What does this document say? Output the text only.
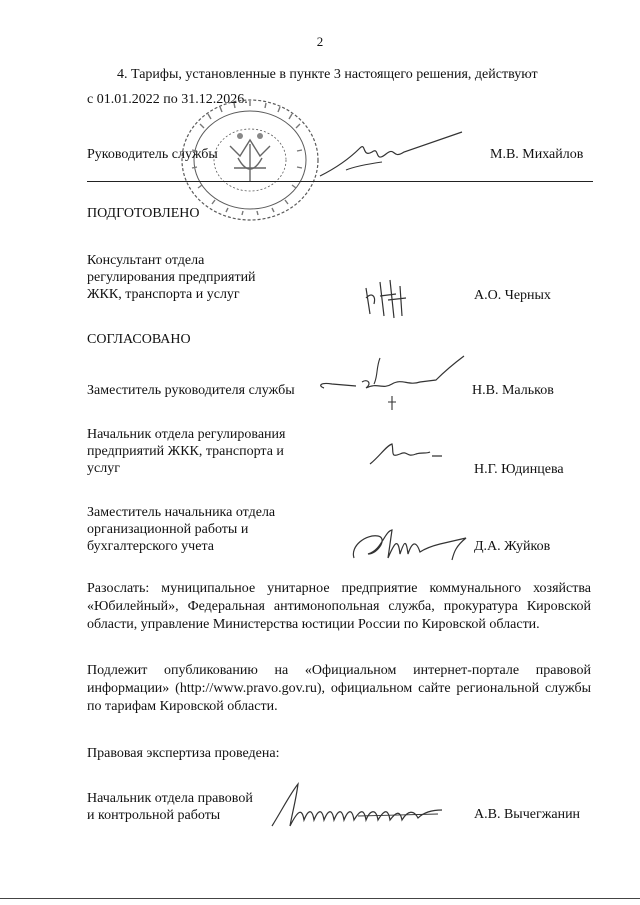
2
4. Тарифы, установленные в пункте 3 настоящего решения, действуют
с 01.01.2022 по 31.12.2026.
Руководитель службы	М.В. Михайлов
ПОДГОТОВЛЕНО
Консультант отдела
регулирования предприятий
ЖКК, транспорта и услуг	А.О. Черных
СОГЛАСОВАНО
Заместитель руководителя службы	Н.В. Мальков
Начальник отдела регулирования
предприятий ЖКК, транспорта и
услуг	Н.Г. Юдинцева
Заместитель начальника отдела
организационной работы и
бухгалтерского учета	Д.А. Жуйков
Разослать: муниципальное унитарное предприятие коммунального хозяйства «Юбилейный», Федеральная антимонопольная служба, прокуратура Кировской области, управление Министерства юстиции России по Кировской области.
Подлежит опубликованию на «Официальном интернет-портале правовой информации» (http://www.pravo.gov.ru), официальном сайте региональной службы по тарифам Кировской области.
Правовая экспертиза проведена:
Начальник отдела правовой
и контрольной работы	А.В. Вычегжанин
